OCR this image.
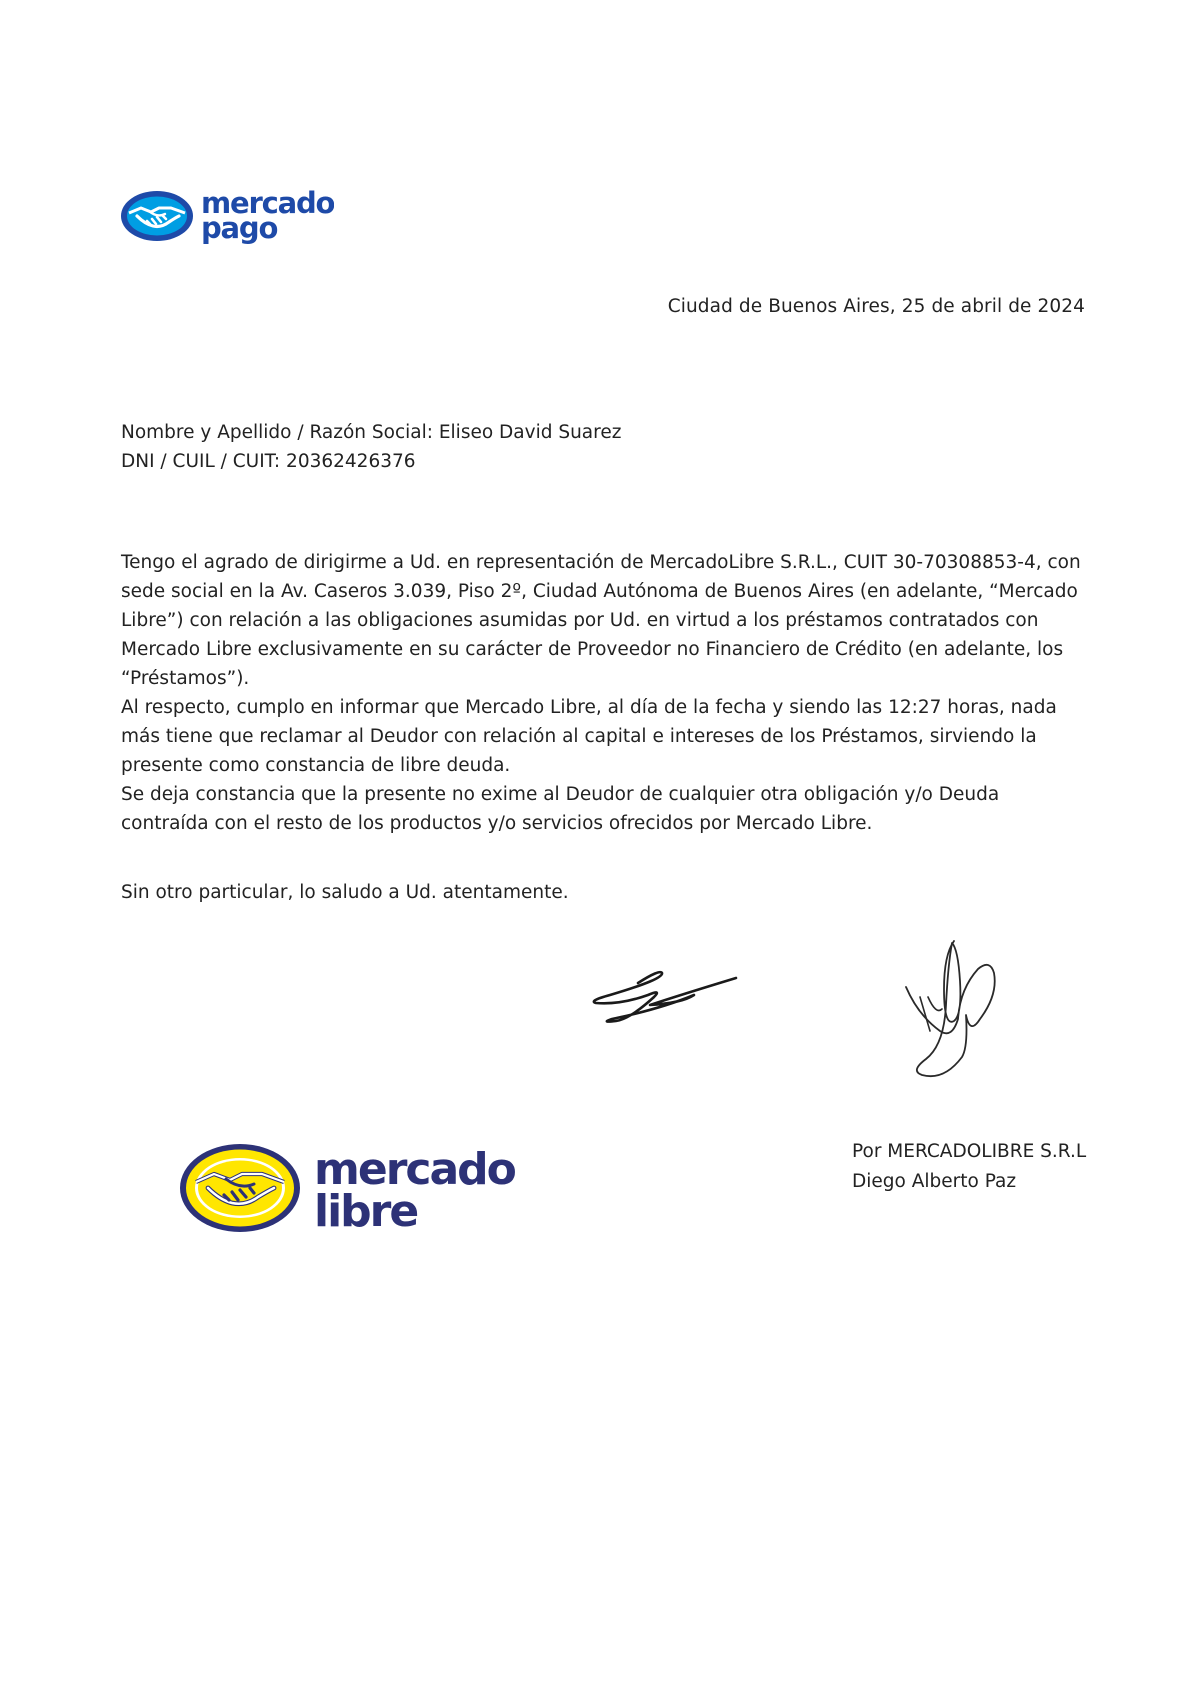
mercado
pago
Ciudad de Buenos Aires, 25 de abril de 2024
Nombre y Apellido / Razón Social: Eliseo David Suarez
DNI / CUIL / CUIT: 20362426376

Tengo el agrado de dirigirme a Ud. en representación de MercadoLibre S.R.L., CUIT 30-70308853-4, con sede social en la Av. Caseros 3.039, Piso 2º, Ciudad Autónoma de Buenos Aires (en adelante, “Mercado Libre”) con relación a las obligaciones asumidas por Ud. en virtud a los préstamos contratados con Mercado Libre exclusivamente en su carácter de Proveedor no Financiero de Crédito (en adelante, los “Préstamos”).

Al respecto, cumplo en informar que Mercado Libre, al día de la fecha y siendo las 12:27 horas, nada más tiene que reclamar al Deudor con relación al capital e intereses de los Préstamos, sirviendo la presente como constancia de libre deuda.

Se deja constancia que la presente no exime al Deudor de cualquier otra obligación y/o Deuda contraída con el resto de los productos y/o servicios ofrecidos por Mercado Libre.

Sin otro particular, lo saludo a Ud. atentamente.
mercado
libre
Por MERCADOLIBRE S.R.L
Diego Alberto Paz
